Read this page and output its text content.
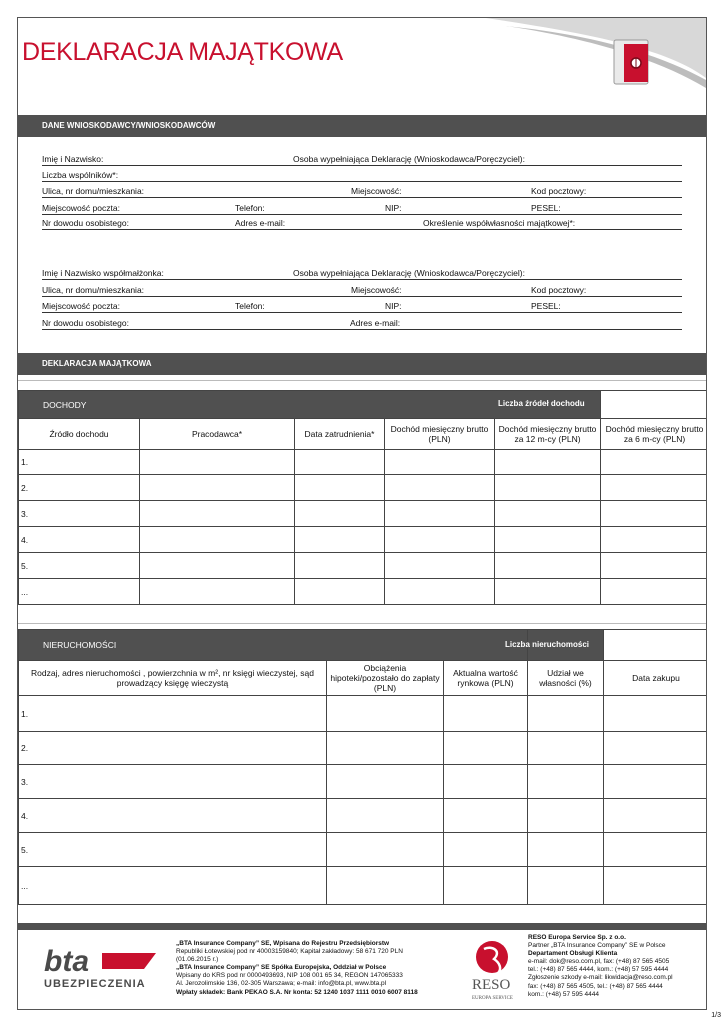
DEKLARACJA MAJĄTKOWA
DANE WNIOSKODAWCY/WNIOSKODAWCÓW
Imię i Nazwisko:	Osoba wypełniająca Deklarację (Wnioskodawca/Poręczyciel):
Liczba wspólników*:
Ulica, nr domu/mieszkania:	Miejscowość:	Kod pocztowy:
Miejscowość poczta:	Telefon:	NIP:	PESEL:
Nr dowodu osobistego:	Adres e-mail:	Określenie współwłasności majątkowej*:
Imię i Nazwisko współmałżonka:	Osoba wypełniająca Deklarację (Wnioskodawca/Poręczyciel):
Ulica, nr domu/mieszkania:	Miejscowość:	Kod pocztowy:
Miejscowość poczta:	Telefon:	NIP:	PESEL:
Nr dowodu osobistego:	Adres e-mail:
DEKLARACJA MAJĄTKOWA
DOCHODY					
Źródło dochodu	Pracodawca*	Data zatrudnienia*	Dochód miesięczny brutto (PLN)	Dochód miesięczny brutto za 12 m-cy (PLN)	Dochód miesięczny brutto za 6 m-cy (PLN)
1.					
2.					
3.					
4.					
5.					
...					
Liczba źródeł dochodu
NIERUCHOMOŚCI				
Rodzaj, adres nieruchomości , powierzchnia w m², nr księgi wieczystej, sąd prowadzący księgę wieczystą	Obciążenia hipoteki/pozostało do zapłaty (PLN)	Aktualna wartość rynkowa (PLN)	Udział we własności (%)	Data zakupu
1.				
2.				
3.				
4.				
5.				
...				
Liczba nieruchomości
bta
UBEZPIECZENIA
„BTA Insurance Company” SE, Wpisana do Rejestru Przedsiębiorstw
Republiki Łotewskiej pod nr 40003159840; Kapitał zakładowy: 58 671 720 PLN
(01.06.2015 r.)
„BTA Insurance Company” SE Spółka Europejska, Oddział w Polsce
Wpisany do KRS pod nr 0000493693, NIP 108 001 65 34, REGON 147065333
Al. Jerozolimskie 136, 02-305 Warszawa; e-mail: info@bta.pl, www.bta.pl
Wpłaty składek: Bank PEKAO S.A. Nr konta: 52 1240 1037 1111 0010 6007 8118	RESO
EUROPA SERVICE
RESO Europa Service Sp. z o.o.
Partner „BTA Insurance Company” SE w Polsce
Departament Obsługi Klienta
e-mail: dok@reso.com.pl, fax: (+48) 87 565 4505
tel.: (+48) 87 565 4444, kom.: (+48) 57 595 4444
Zgłoszenie szkody e-mail: likwidacja@reso.com.pl
fax: (+48) 87 565 4505, tel.: (+48) 87 565 4444
kom.: (+48) 57 595 4444
1/3
